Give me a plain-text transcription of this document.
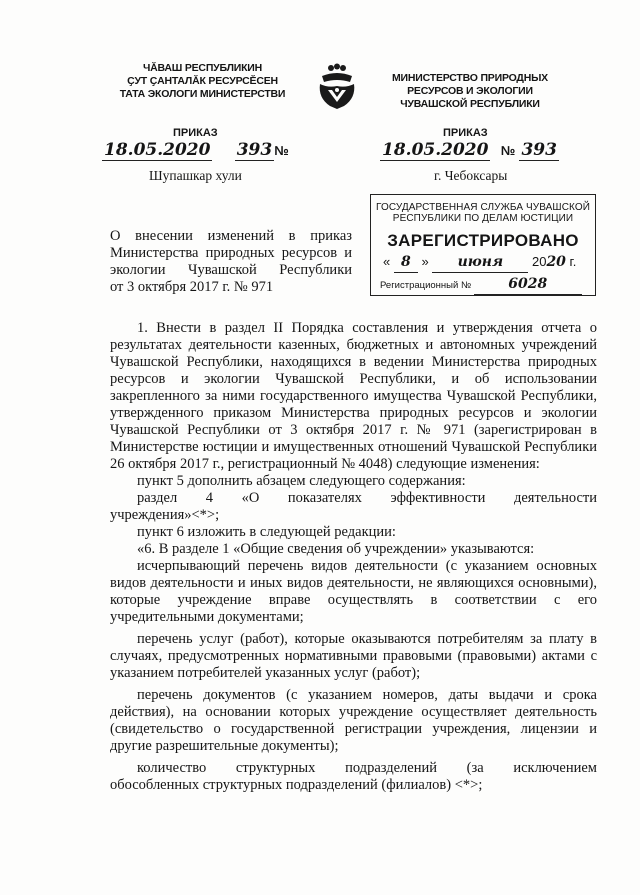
ЧӐВАШ РЕСПУБЛИКИН
ҪУТ ҪАНТАЛӐК РЕСУРСӖСЕН
ТАТА ЭКОЛОГИ МИНИСТЕРСТВИ
МИНИСТЕРСТВО ПРИРОДНЫХ
РЕСУРСОВ И ЭКОЛОГИИ
ЧУВАШСКОЙ РЕСПУБЛИКИ
ПРИКАЗ	ПРИКАЗ
18.05.2020 393 №	18.05.2020 № 393
Шупашкар хули	г. Чебоксары
О внесении изменений в приказ
Министерства природных ресурсов и
экологии Чувашской Республики
от 3 октября 2017 г. № 971
ГОСУДАРСТВЕННАЯ СЛУЖБА ЧУВАШСКОЙ
РЕСПУБЛИКИ ПО ДЕЛАМ ЮСТИЦИИ
ЗАРЕГИСТРИРОВАНО
« 8 » июня 2020 г.
Регистрационный №	6028

1. Внести в раздел II Порядка составления и утверждения отчета о результатах деятельности казенных, бюджетных и автономных учреждений Чувашской Республики, находящихся в ведении Министерства природных ресурсов и экологии Чувашской Республики, и об использовании закрепленного за ними государственного имущества Чувашской Республики, утвержденного приказом Министерства природных ресурсов и экологии Чувашской Республики от 3 октября 2017 г. № 971 (зарегистрирован в Министерстве юстиции и имущественных отношений Чувашской Республики 26 октября 2017 г., регистрационный № 4048) следующие изменения:

пункт 5 дополнить абзацем следующего содержания:

раздел 4 «О показателях эффективности деятельности

учреждения»<*>;

пункт 6 изложить в следующей редакции:

«6. В разделе 1 «Общие сведения об учреждении» указываются:

исчерпывающий перечень видов деятельности (с указанием основных видов деятельности и иных видов деятельности, не являющихся основными), которые учреждение вправе осуществлять в соответствии с его учредительными документами;

перечень услуг (работ), которые оказываются потребителям за плату в случаях, предусмотренных нормативными правовыми (правовыми) актами с указанием потребителей указанных услуг (работ);

перечень документов (с указанием номеров, даты выдачи и срока действия), на основании которых учреждение осуществляет деятельность (свидетельство о государственной регистрации учреждения, лицензии и другие разрешительные документы);

количество структурных подразделений (за исключением

обособленных структурных подразделений (филиалов) <*>;
